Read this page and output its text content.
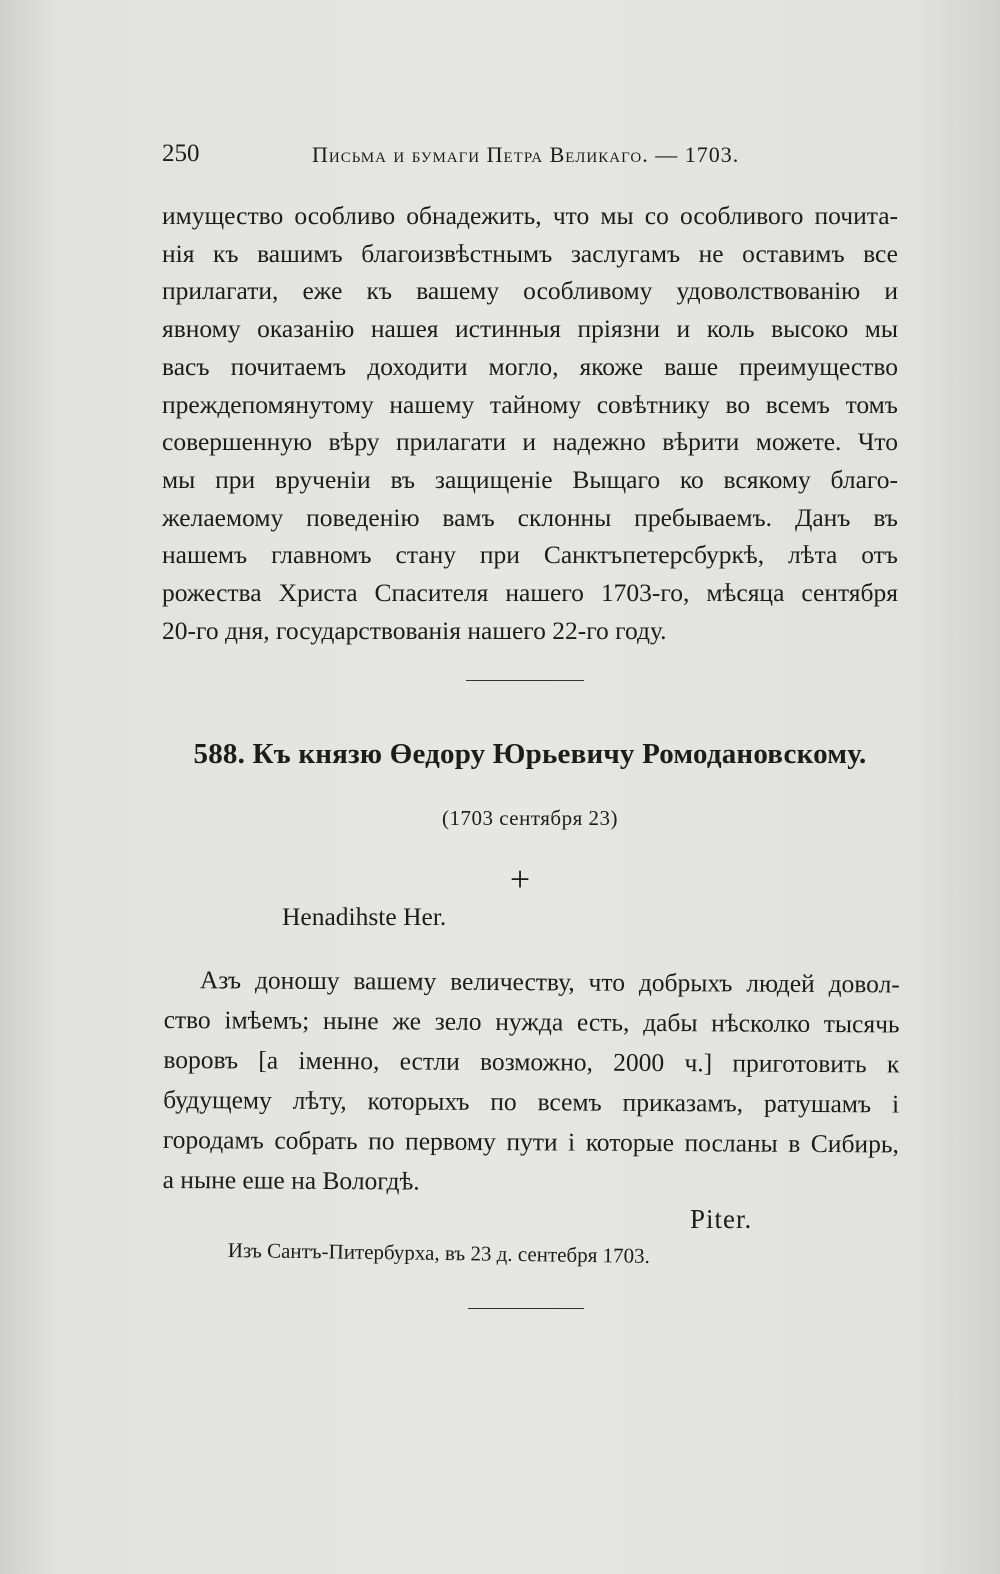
250	Письма и бумаги Петра Великаго. — 1703.
имущество особливо обнадежить, что мы со особливого почита-
нія къ вашимъ благоизвѣстнымъ заслугамъ не оставимъ все
прилагати, еже къ вашему особливому удоволствованію и
явному оказанію нашея истинныя пріязни и коль высоко мы
васъ почитаемъ доходити могло, якоже ваше преимущество
преждепомянутому нашему тайному совѣтнику во всемъ томъ
совершенную вѣру прилагати и надежно вѣрити можете. Что
мы при врученіи въ защищеніе Выщаго ко всякому благо-
желаемому поведенію вамъ склонны пребываемъ. Данъ въ
нашемъ главномъ стану при Санктъпетерсбуркѣ, лѣта отъ
рожества Христа Спасителя нашего 1703-го, мѣсяца сентября
20-го дня, государствованія нашего 22-го году.
588. Къ князю Өедору Юрьевичу Ромодановскому.
(1703 сентября 23)
+
Henadihste Her.
Азъ доношу вашему величеству, что добрыхъ людей довол-
ство імѣемъ; ныне же зело нужда есть, дабы нѣсколко тысячь
воровъ [а іменно, естли возможно, 2000 ч.] приготовить к
будущему лѣту, которыхъ по всемъ приказамъ, ратушамъ і
городамъ собрать по первому пути і которые посланы в Сибирь,
а ныне еше на Вологдѣ.
Piter.
Изъ Сантъ-Питербурха, въ 23 д. сентебря 1703.
